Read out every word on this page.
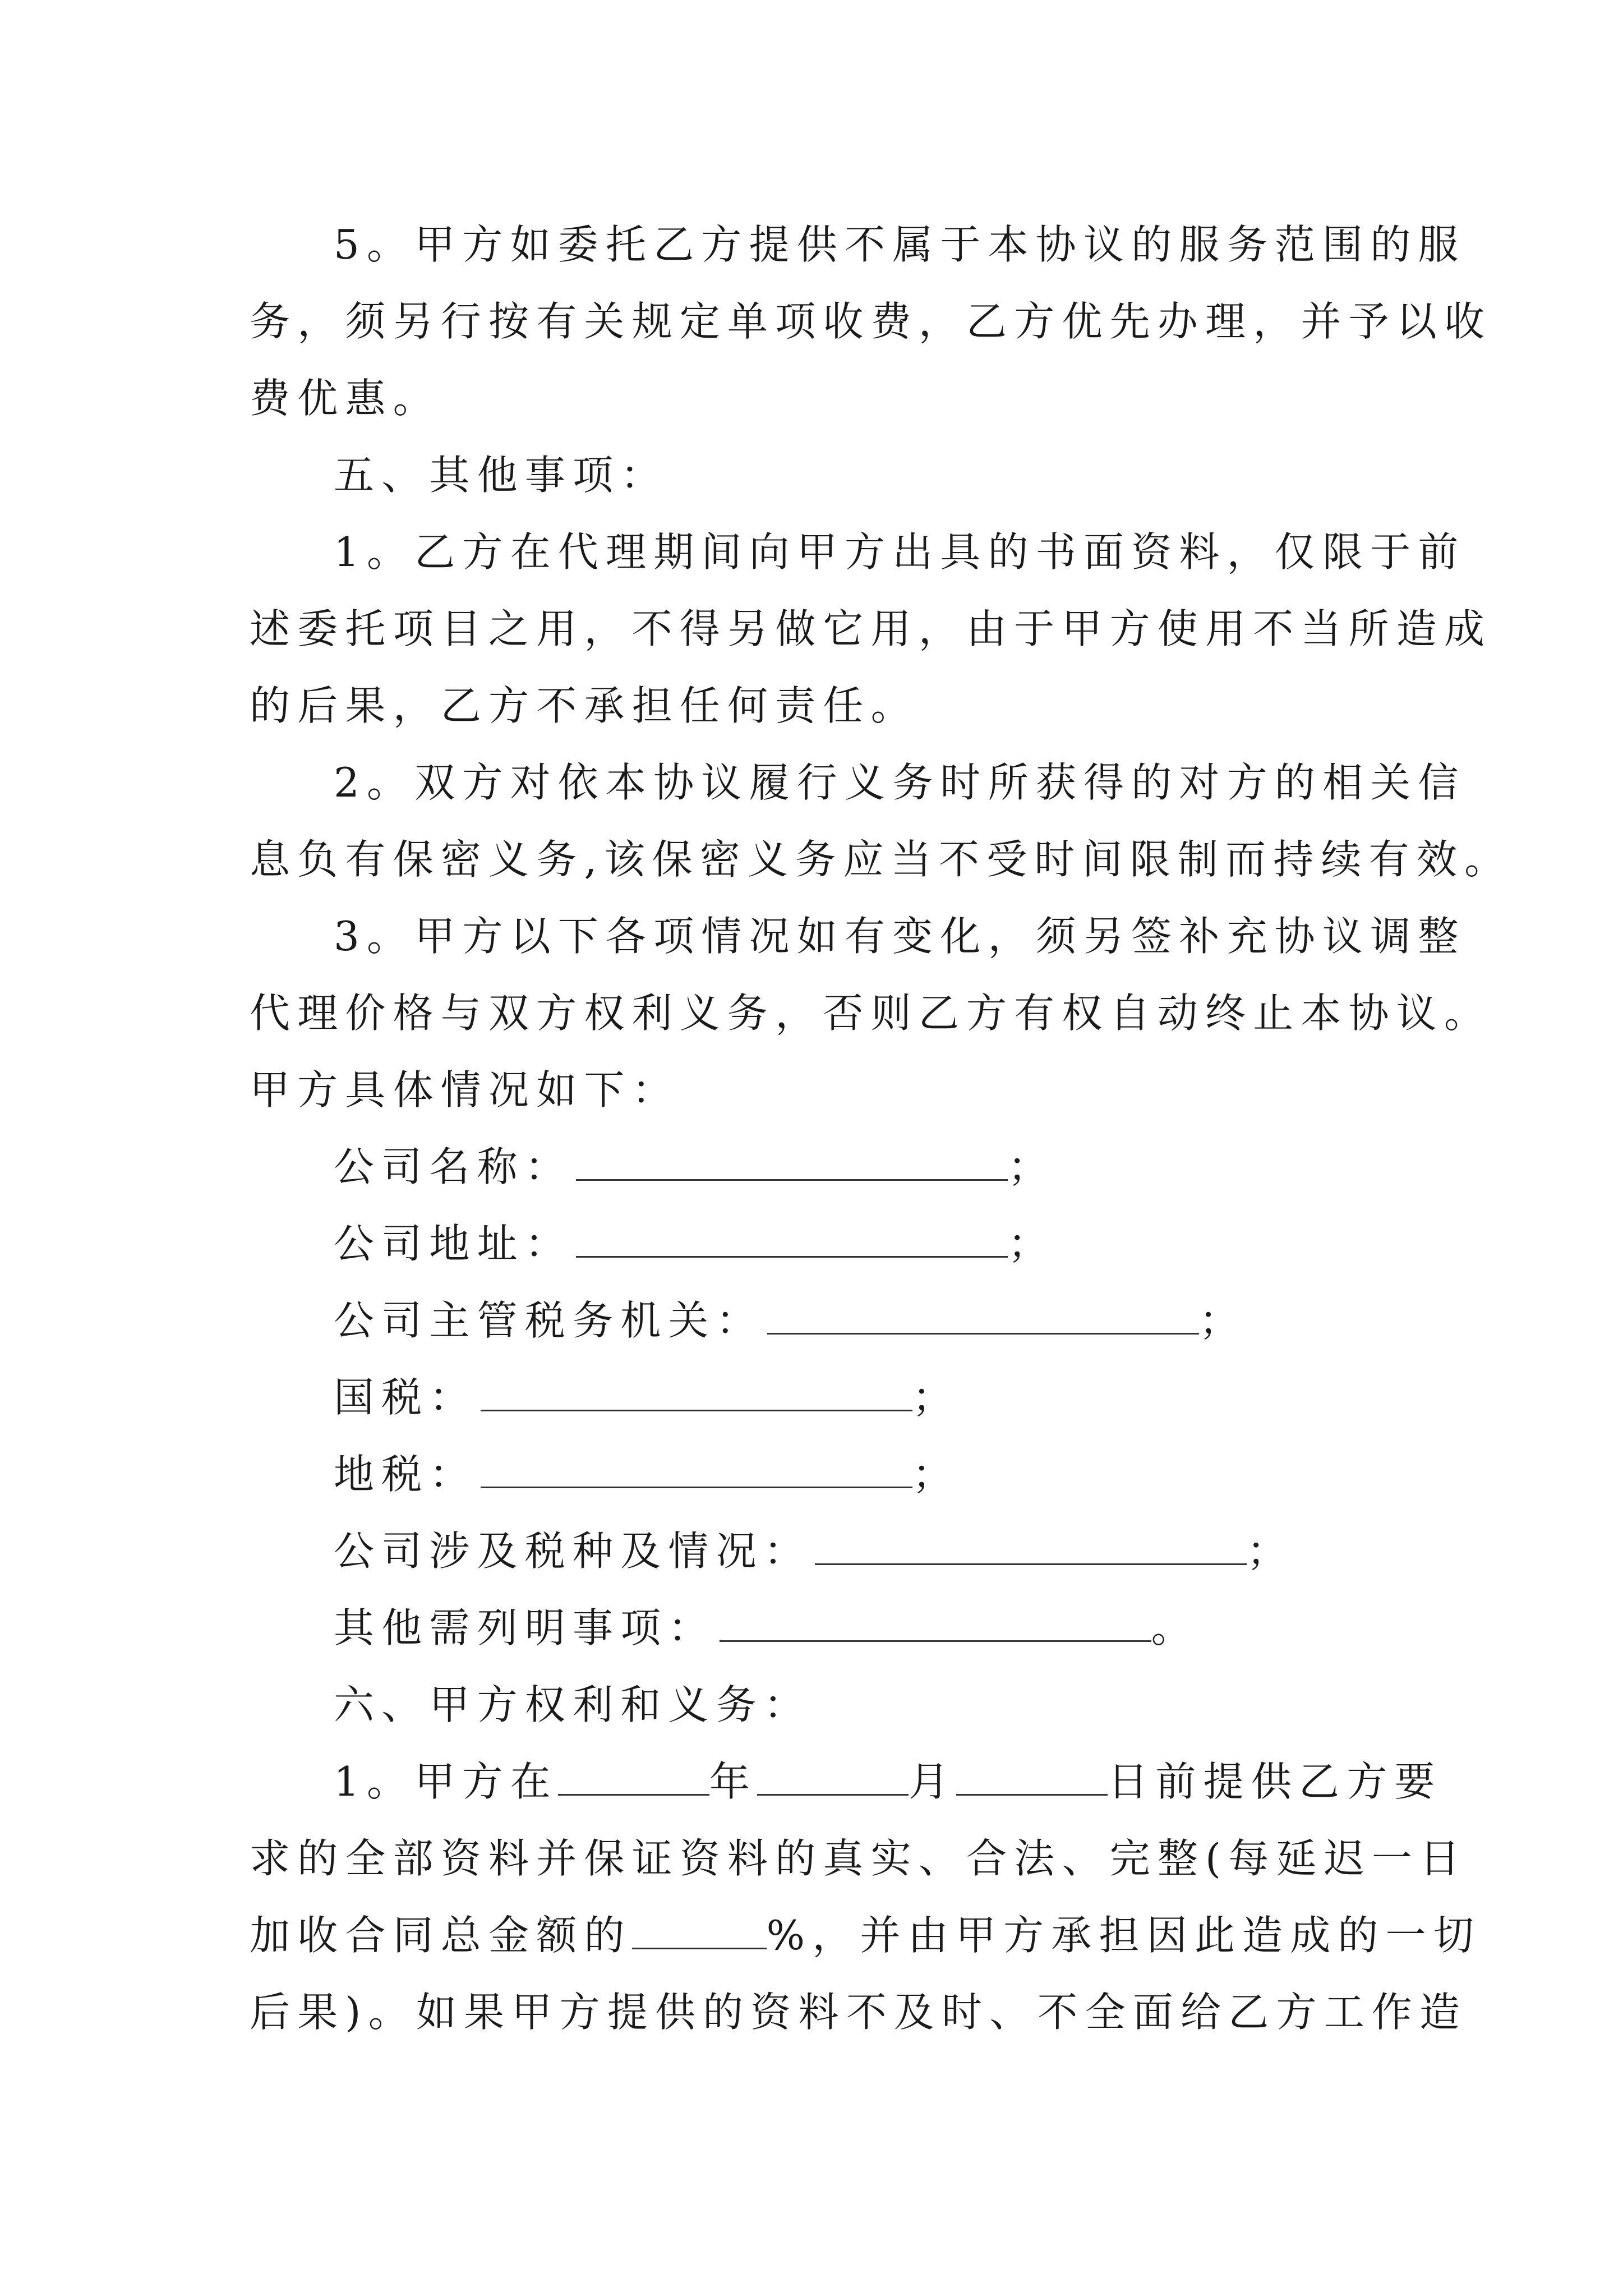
5。甲方如委托乙方提供不属于本协议的服务范围的服
务，须另行按有关规定单项收费，乙方优先办理，并予以收
费优惠。
五、其他事项：
1。乙方在代理期间向甲方出具的书面资料，仅限于前
述委托项目之用，不得另做它用，由于甲方使用不当所造成
的后果，乙方不承担任何责任。
2。双方对依本协议履行义务时所获得的对方的相关信
息负有保密义务,该保密义务应当不受时间限制而持续有效。
3。甲方以下各项情况如有变化，须另签补充协议调整
代理价格与双方权利义务，否则乙方有权自动终止本协议。
甲方具体情况如下：
公司名称：	；
公司地址：	；
公司主管税务机关：	；
国税：	；
地税：	；
公司涉及税种及情况：	；
其他需列明事项：	。
六、甲方权利和义务：
1。甲方在	年	月	日前提供乙方要
求的全部资料并保证资料的真实、合法、完整(每延迟一日
加收合同总金额的	%，并由甲方承担因此造成的一切
后果)。如果甲方提供的资料不及时、不全面给乙方工作造
